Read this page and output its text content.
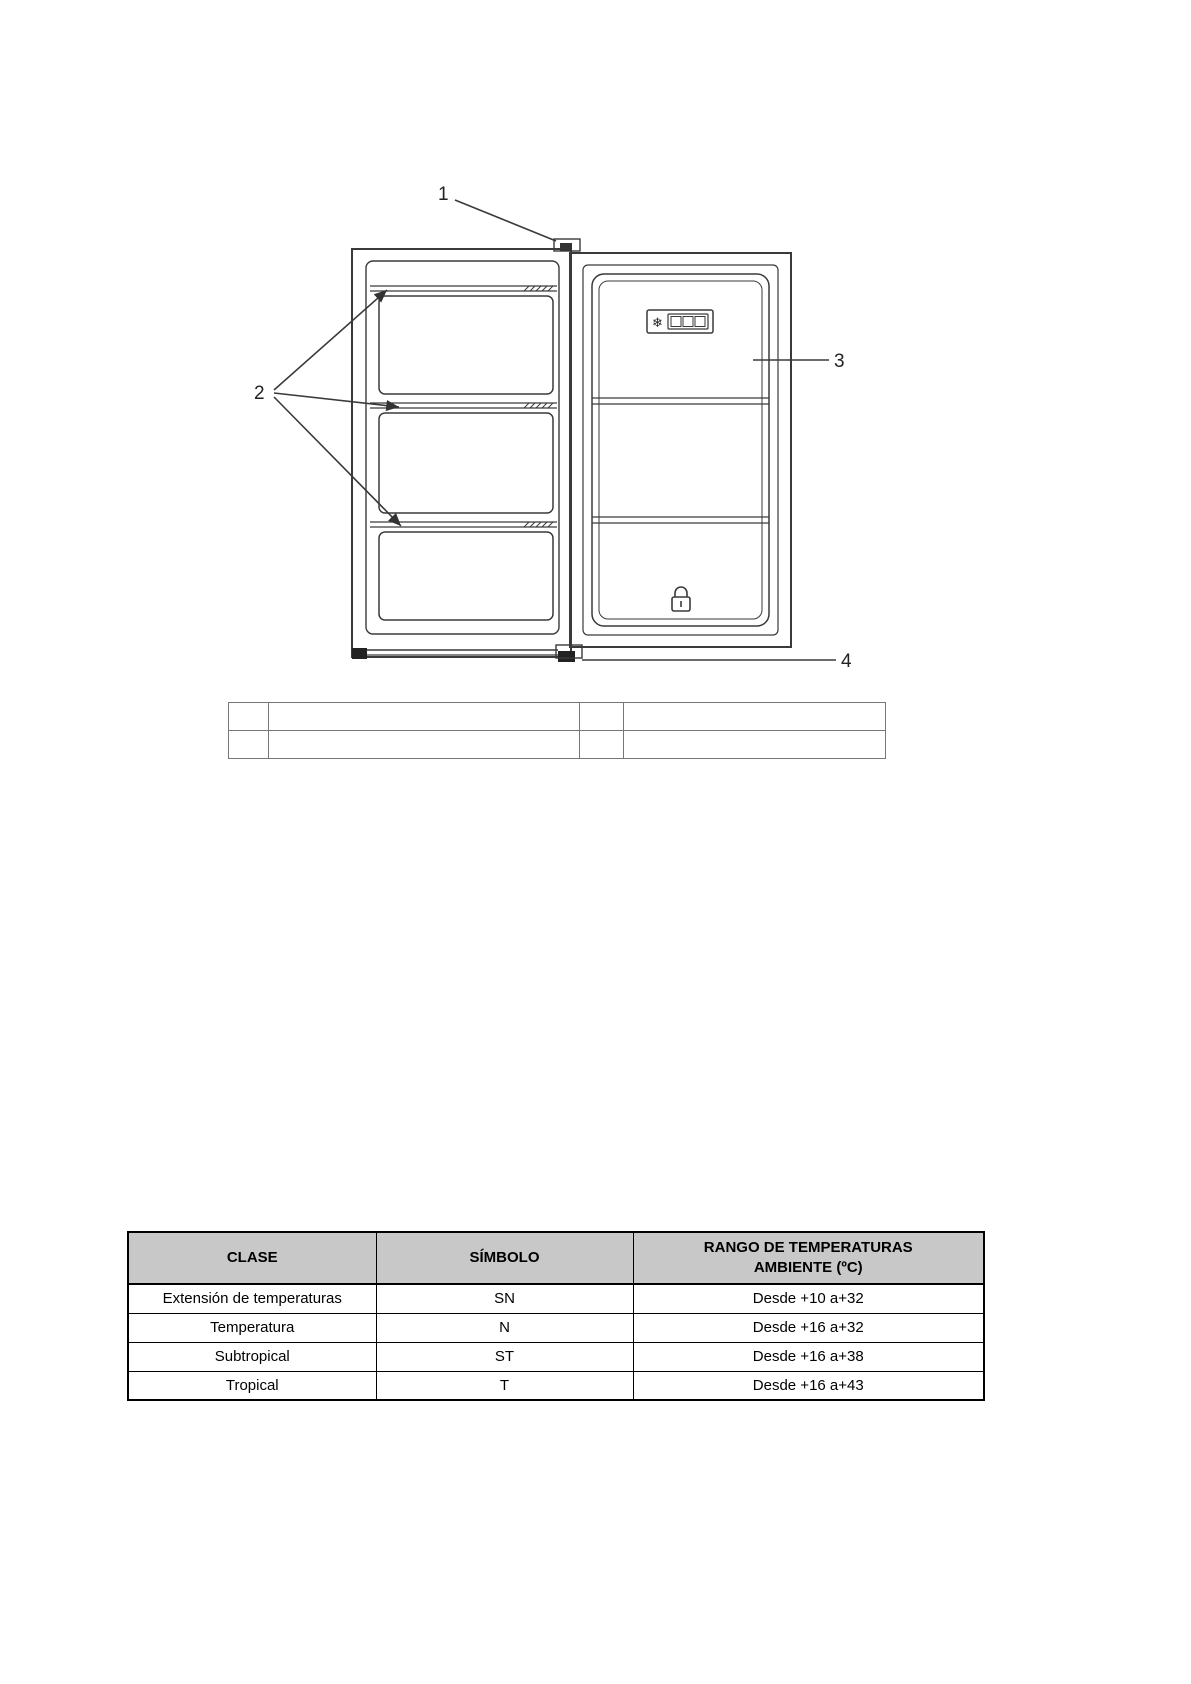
❄
1
2
3
4

CLASE	SÍMBOLO	RANGO DE TEMPERATURAS
AMBIENTE (ºC)

Extensión de temperaturas	SN	Desde +10 a+32
Temperatura	N	Desde +16 a+32
Subtropical	ST	Desde +16 a+38
Tropical	T	Desde +16 a+43
